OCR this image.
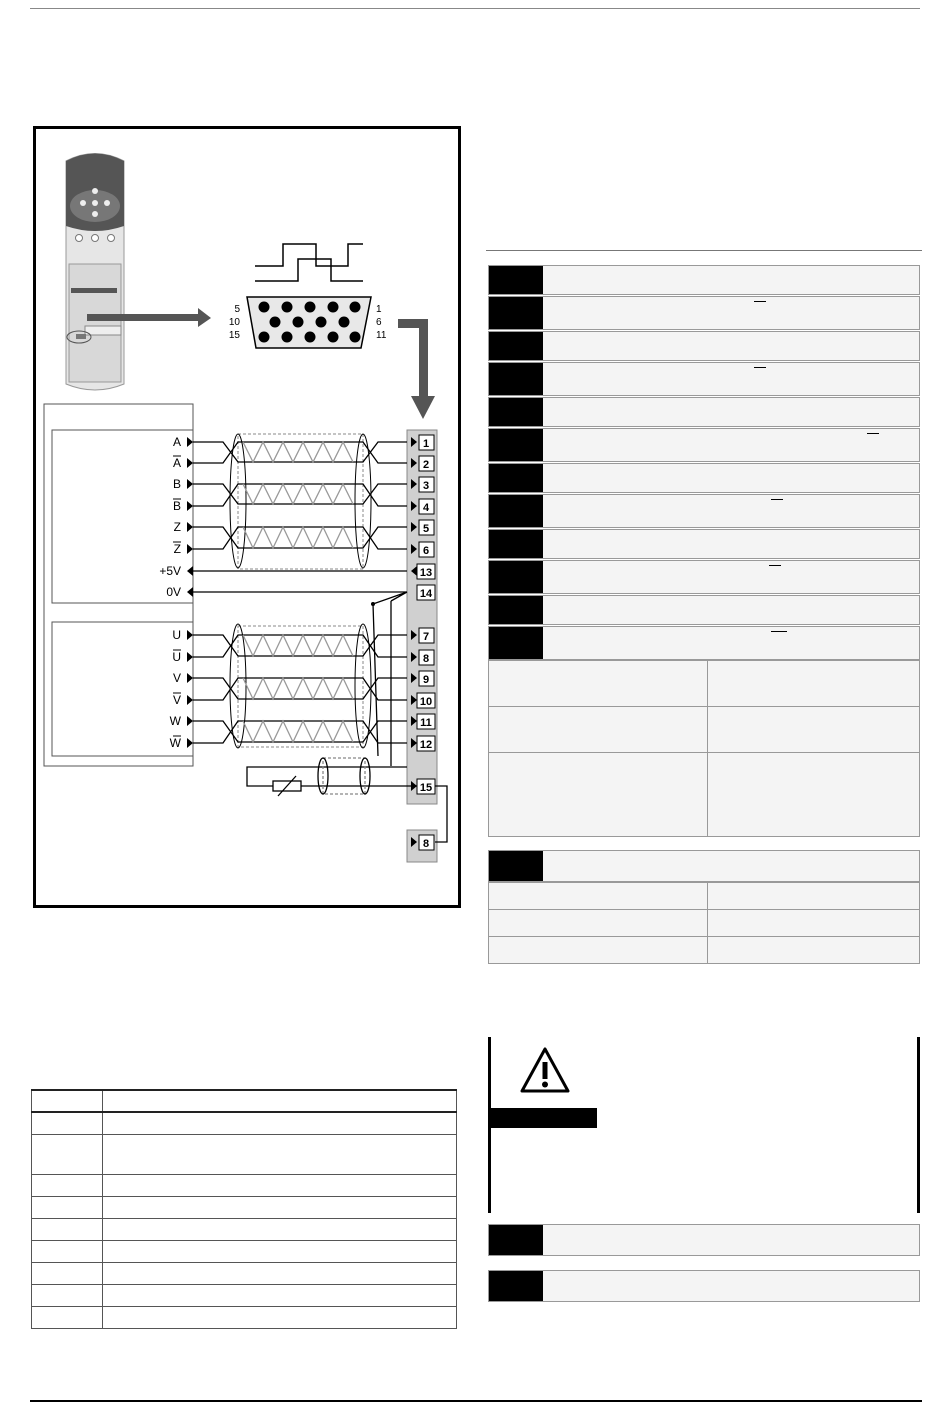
5
10
15
1
6
11
A
A
B
B
Z
Z
+5V
0V
U
U
V
V
W
W
1
2
3
4
5
6
13
14
7
8
9
10
11
12
15
8
